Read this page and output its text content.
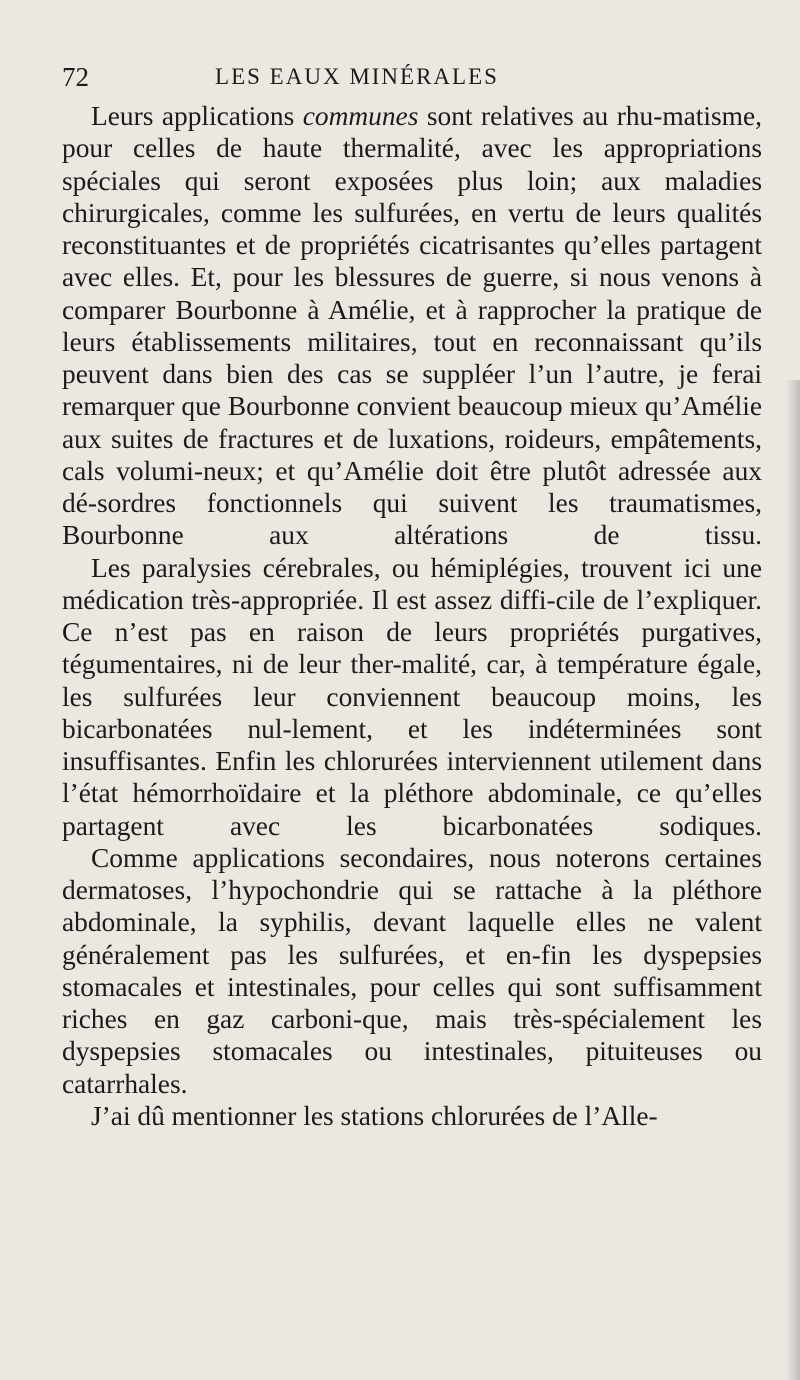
72	LES EAUX MINÉRALES

Leurs applications communes sont relatives au rhu-matisme, pour celles de haute thermalité, avec les appropriations spéciales qui seront exposées plus loin; aux maladies chirurgicales, comme les sulfurées, en vertu de leurs qualités reconstituantes et de propriétés cicatrisantes qu’elles partagent avec elles. Et, pour les blessures de guerre, si nous venons à comparer Bourbonne à Amélie, et à rapprocher la pratique de leurs établissements militaires, tout en reconnaissant qu’ils peuvent dans bien des cas se suppléer l’un l’autre, je ferai remarquer que Bourbonne convient beaucoup mieux qu’Amélie aux suites de fractures et de luxations, roideurs, empâtements, cals volumi-neux; et qu’Amélie doit être plutôt adressée aux dé-sordres fonctionnels qui suivent les traumatismes, Bourbonne aux altérations de tissu.

Les paralysies cérebrales, ou hémiplégies, trouvent ici une médication très-appropriée. Il est assez diffi-cile de l’expliquer. Ce n’est pas en raison de leurs propriétés purgatives, tégumentaires, ni de leur ther-malité, car, à température égale, les sulfurées leur conviennent beaucoup moins, les bicarbonatées nul-lement, et les indéterminées sont insuffisantes. Enfin les chlorurées interviennent utilement dans l’état hémorrhoïdaire et la pléthore abdominale, ce qu’elles partagent avec les bicarbonatées sodiques.

Comme applications secondaires, nous noterons certaines dermatoses, l’hypochondrie qui se rattache à la pléthore abdominale, la syphilis, devant laquelle elles ne valent généralement pas les sulfurées, et en-fin les dyspepsies stomacales et intestinales, pour celles qui sont suffisamment riches en gaz carboni-que, mais très-spécialement les dyspepsies stomacales ou intestinales, pituiteuses ou catarrhales.

J’ai dû mentionner les stations chlorurées de l’Alle-
